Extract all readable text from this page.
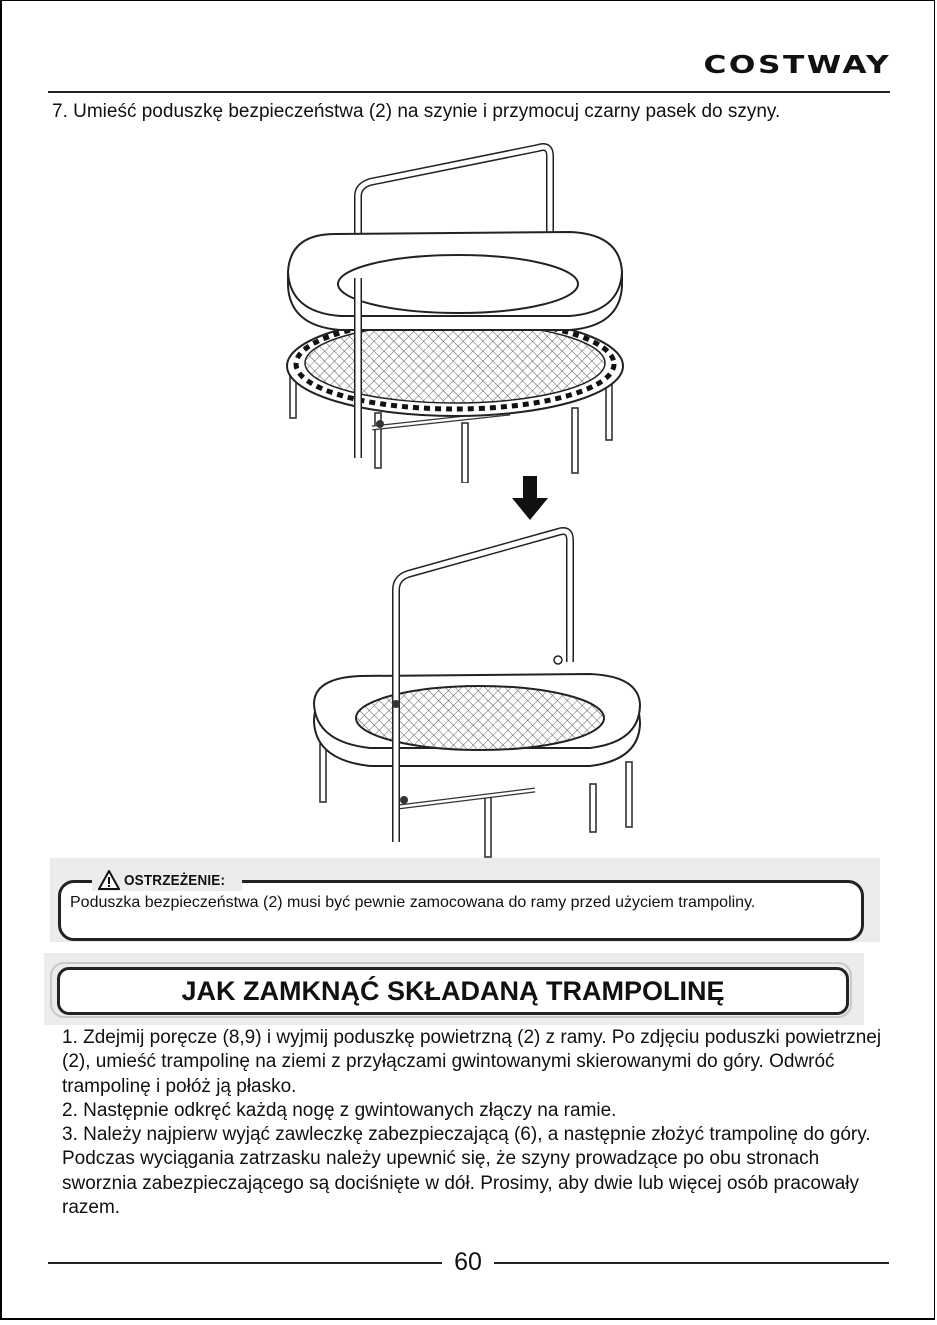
COSTWAY
7. Umieść poduszkę bezpieczeństwa (2) na szynie i przymocuj czarny pasek do szyny.
OSTRZEŻENIE:
Poduszka bezpieczeństwa (2) musi być pewnie zamocowana do ramy przed użyciem trampoliny.
JAK ZAMKNĄĆ SKŁADANĄ TRAMPOLINĘ

1. Zdejmij poręcze (8,9) i wyjmij poduszkę powietrzną (2) z ramy. Po zdjęciu poduszki powietrznej (2), umieść trampolinę na ziemi z przyłączami gwintowanymi skierowanymi do góry. Odwróć trampolinę i połóż ją płasko.

2. Następnie odkręć każdą nogę z gwintowanych złączy na ramie.

3. Należy najpierw wyjąć zawleczkę zabezpieczającą (6), a następnie złożyć trampolinę do góry. Podczas wyciągania zatrzasku należy upewnić się, że szyny prowadzące po obu stronach sworznia zabezpieczającego są dociśnięte w dół. Prosimy, aby dwie lub więcej osób pracowały razem.

60
